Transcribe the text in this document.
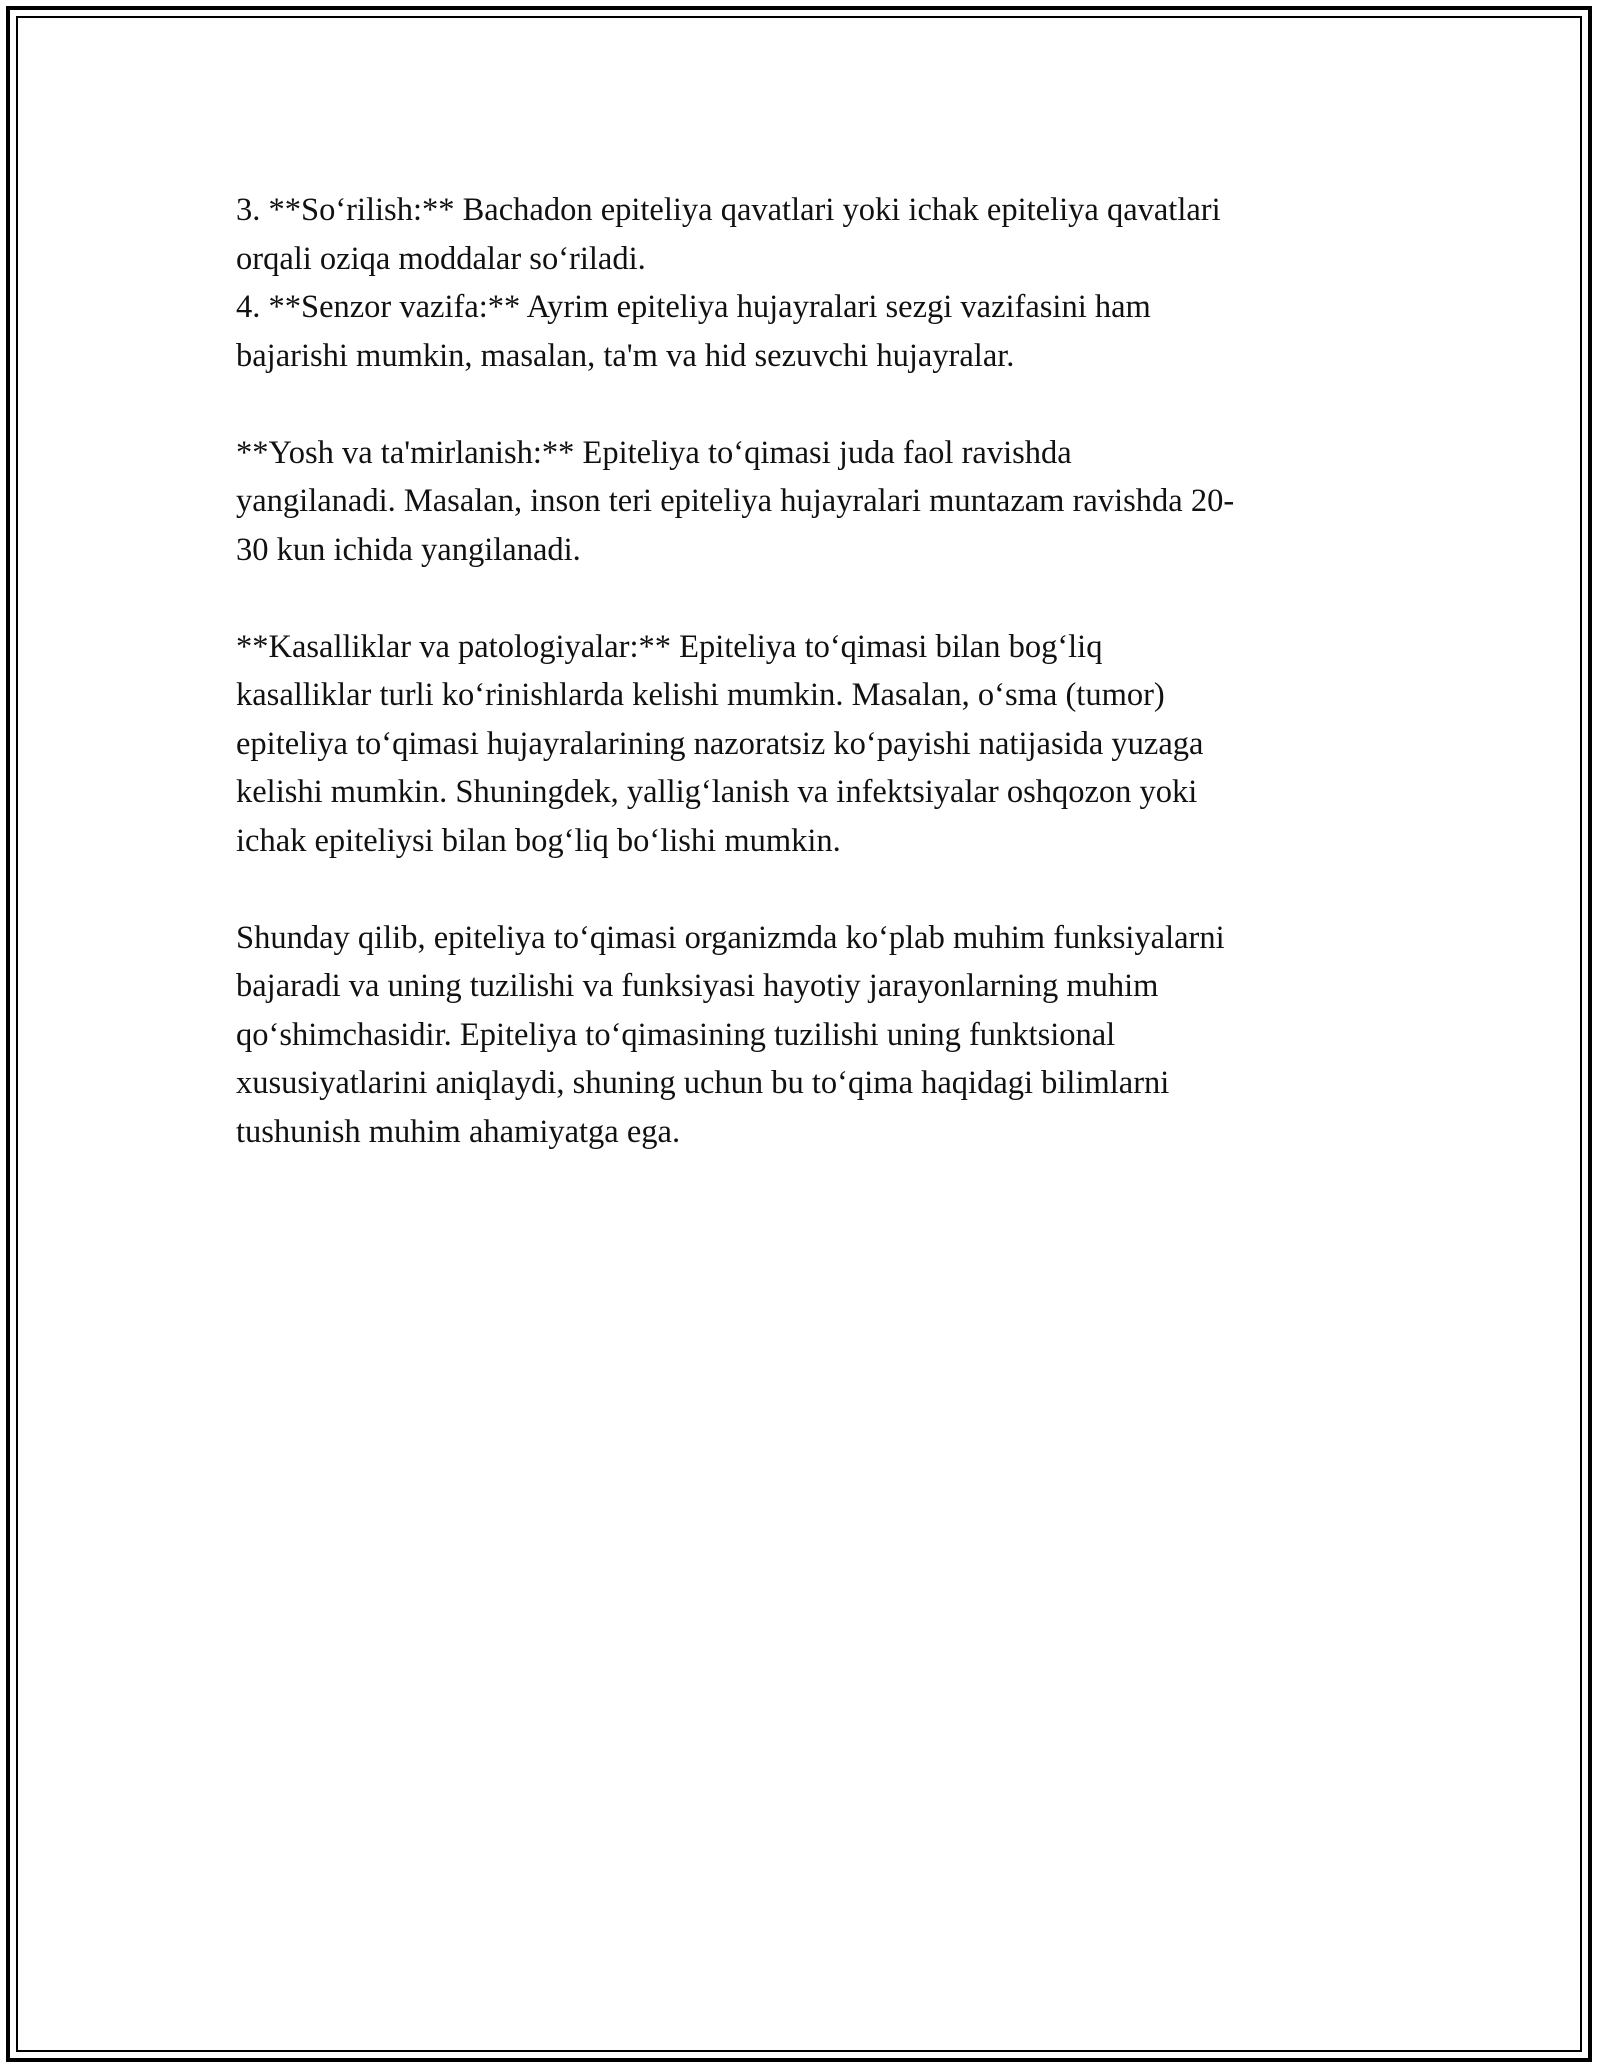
3. **So‘rilish:** Bachadon epiteliya qavatlari yoki ichak epiteliya qavatlari
orqali oziqa moddalar so‘riladi.
4. **Senzor vazifa:** Ayrim epiteliya hujayralari sezgi vazifasini ham
bajarishi mumkin, masalan, ta'm va hid sezuvchi hujayralar.
**Yosh va ta'mirlanish:** Epiteliya to‘qimasi juda faol ravishda
yangilanadi. Masalan, inson teri epiteliya hujayralari muntazam ravishda 20-
30 kun ichida yangilanadi.
**Kasalliklar va patologiyalar:** Epiteliya to‘qimasi bilan bog‘liq
kasalliklar turli ko‘rinishlarda kelishi mumkin. Masalan, o‘sma (tumor)
epiteliya to‘qimasi hujayralarining nazoratsiz ko‘payishi natijasida yuzaga
kelishi mumkin. Shuningdek, yallig‘lanish va infektsiyalar oshqozon yoki
ichak epiteliysi bilan bog‘liq bo‘lishi mumkin.
Shunday qilib, epiteliya to‘qimasi organizmda ko‘plab muhim funksiyalarni
bajaradi va uning tuzilishi va funksiyasi hayotiy jarayonlarning muhim
qo‘shimchasidir. Epiteliya to‘qimasining tuzilishi uning funktsional
xususiyatlarini aniqlaydi, shuning uchun bu to‘qima haqidagi bilimlarni
tushunish muhim ahamiyatga ega.
